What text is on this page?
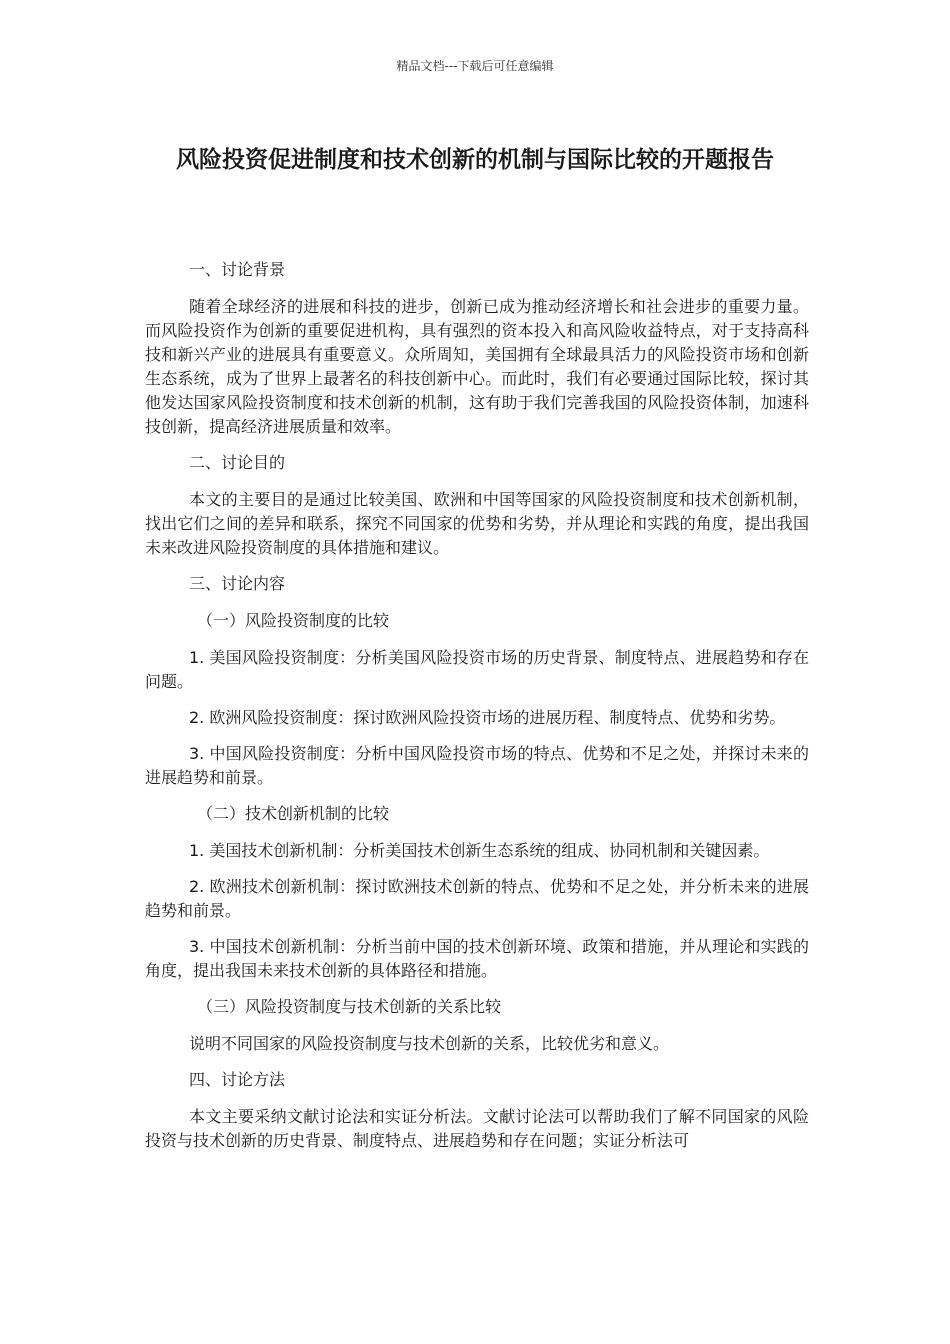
精品文档---下载后可任意编辑
风险投资促进制度和技术创新的机制与国际比较的开题报告

一、讨论背景

随着全球经济的进展和科技的进步，创新已成为推动经济增长和社会进步的重要力量。而风险投资作为创新的重要促进机构，具有强烈的资本投入和高风险收益特点，对于支持高科技和新兴产业的进展具有重要意义。众所周知，美国拥有全球最具活力的风险投资市场和创新生态系统，成为了世界上最著名的科技创新中心。而此时，我们有必要通过国际比较，探讨其他发达国家风险投资制度和技术创新的机制，这有助于我们完善我国的风险投资体制，加速科技创新，提高经济进展质量和效率。

二、讨论目的

本文的主要目的是通过比较美国、欧洲和中国等国家的风险投资制度和技术创新机制，找出它们之间的差异和联系，探究不同国家的优势和劣势，并从理论和实践的角度，提出我国未来改进风险投资制度的具体措施和建议。

三、讨论内容

（一）风险投资制度的比较

1. 美国风险投资制度：分析美国风险投资市场的历史背景、制度特点、进展趋势和存在问题。

2. 欧洲风险投资制度：探讨欧洲风险投资市场的进展历程、制度特点、优势和劣势。

3. 中国风险投资制度：分析中国风险投资市场的特点、优势和不足之处，并探讨未来的进展趋势和前景。

（二）技术创新机制的比较

1. 美国技术创新机制：分析美国技术创新生态系统的组成、协同机制和关键因素。

2. 欧洲技术创新机制：探讨欧洲技术创新的特点、优势和不足之处，并分析未来的进展趋势和前景。

3. 中国技术创新机制：分析当前中国的技术创新环境、政策和措施，并从理论和实践的角度，提出我国未来技术创新的具体路径和措施。

（三）风险投资制度与技术创新的关系比较

说明不同国家的风险投资制度与技术创新的关系，比较优劣和意义。

四、讨论方法

本文主要采纳文献讨论法和实证分析法。文献讨论法可以帮助我们了解不同国家的风险投资与技术创新的历史背景、制度特点、进展趋势和存在问题；实证分析法可
